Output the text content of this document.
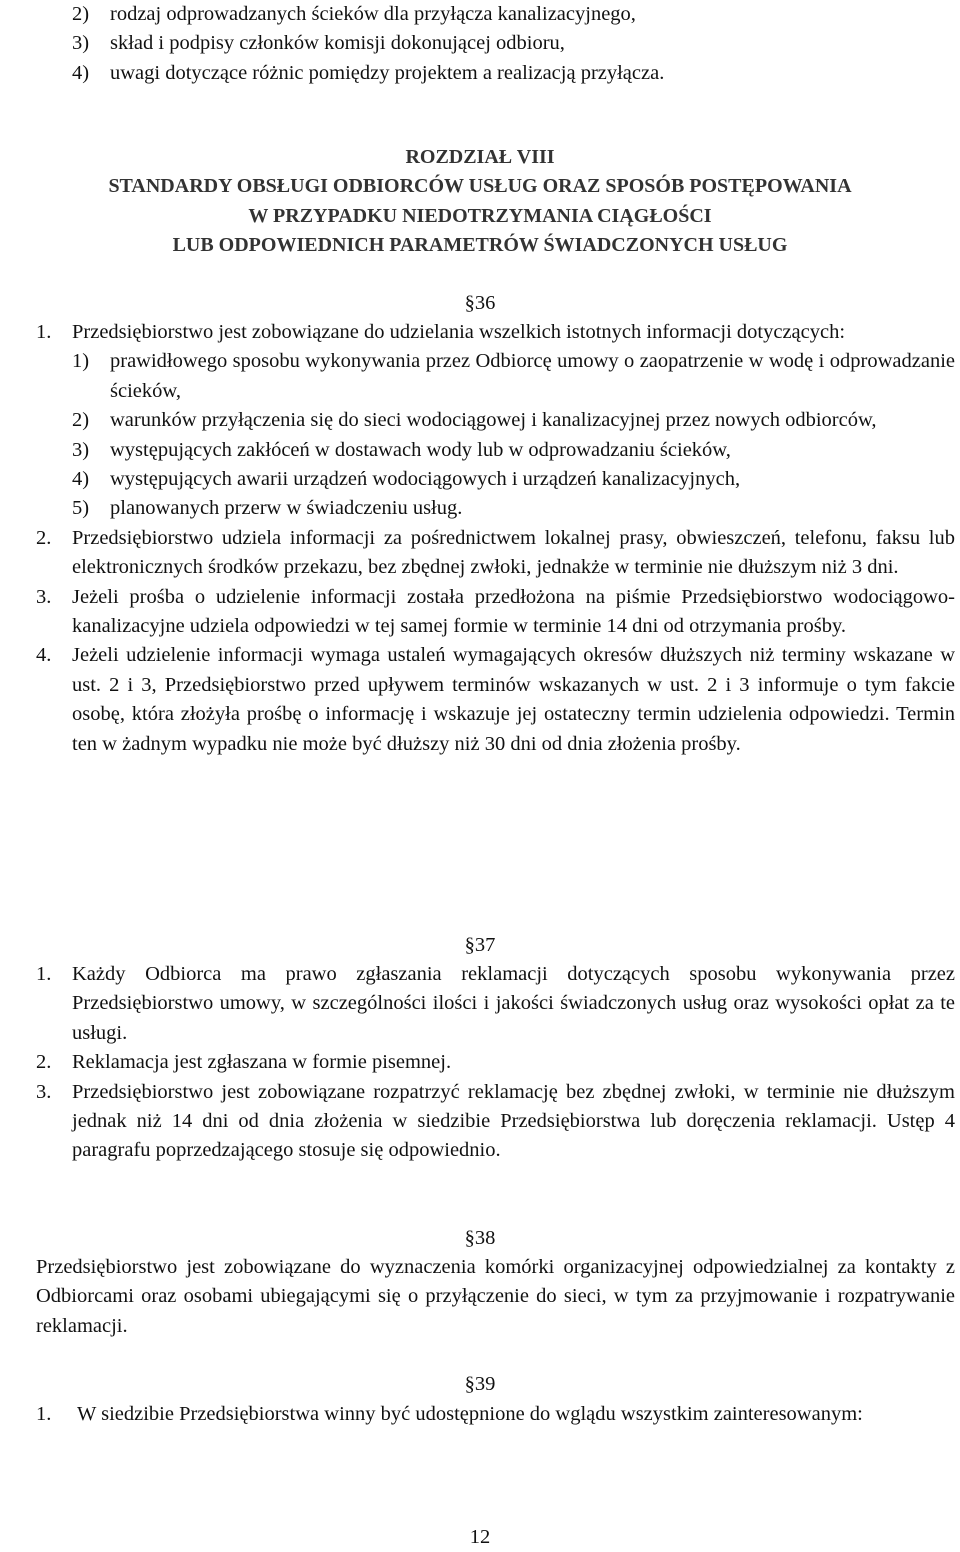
2) rodzaj odprowadzanych ścieków dla przyłącza kanalizacyjnego,
3) skład i podpisy członków komisji dokonującej odbioru,
4) uwagi dotyczące różnic pomiędzy projektem a realizacją przyłącza.
ROZDZIAŁ VIII
STANDARDY OBSŁUGI ODBIORCÓW USŁUG ORAZ SPOSÓB POSTĘPOWANIA
W PRZYPADKU NIEDOTRZYMANIA CIĄGŁOŚCI
LUB ODPOWIEDNICH PARAMETRÓW ŚWIADCZONYCH USŁUG
§36
1. Przedsiębiorstwo jest zobowiązane do udzielania wszelkich istotnych informacji dotyczących:
1) prawidłowego sposobu wykonywania przez Odbiorcę umowy o zaopatrzenie w wodę i odprowadzanie ścieków,
2) warunków przyłączenia się do sieci wodociągowej i kanalizacyjnej przez nowych odbiorców,
3) występujących zakłóceń w dostawach wody lub w odprowadzaniu ścieków,
4) występujących awarii urządzeń wodociągowych i urządzeń kanalizacyjnych,
5) planowanych przerw w świadczeniu usług.
2. Przedsiębiorstwo udziela informacji za pośrednictwem lokalnej prasy, obwieszczeń, telefonu, faksu lub elektronicznych środków przekazu, bez zbędnej zwłoki, jednakże w terminie nie dłuższym niż 3 dni.
3. Jeżeli prośba o udzielenie informacji została przedłożona na piśmie Przedsiębiorstwo wodociągowo-kanalizacyjne udziela odpowiedzi w tej samej formie w terminie 14 dni od otrzymania prośby.
4. Jeżeli udzielenie informacji wymaga ustaleń wymagających okresów dłuższych niż terminy wskazane w ust. 2 i 3, Przedsiębiorstwo przed upływem terminów wskazanych w ust. 2 i 3 informuje o tym fakcie osobę, która złożyła prośbę o informację i wskazuje jej ostateczny termin udzielenia odpowiedzi. Termin ten w żadnym wypadku nie może być dłuższy niż 30 dni od dnia złożenia prośby.
§37
1. Każdy Odbiorca ma prawo zgłaszania reklamacji dotyczących sposobu wykonywania przez Przedsiębiorstwo umowy, w szczególności ilości i jakości świadczonych usług oraz wysokości opłat za te usługi.
2. Reklamacja jest zgłaszana w formie pisemnej.
3. Przedsiębiorstwo jest zobowiązane rozpatrzyć reklamację bez zbędnej zwłoki, w terminie nie dłuższym jednak niż 14 dni od dnia złożenia w siedzibie Przedsiębiorstwa lub doręczenia reklamacji. Ustęp 4 paragrafu poprzedzającego stosuje się odpowiednio.
§38
Przedsiębiorstwo jest zobowiązane do wyznaczenia komórki organizacyjnej odpowiedzialnej za kontakty z Odbiorcami oraz osobami ubiegającymi się o przyłączenie do sieci, w tym za przyjmowanie i rozpatrywanie reklamacji.
§39
1. W siedzibie Przedsiębiorstwa winny być udostępnione do wglądu wszystkim zainteresowanym:
12
